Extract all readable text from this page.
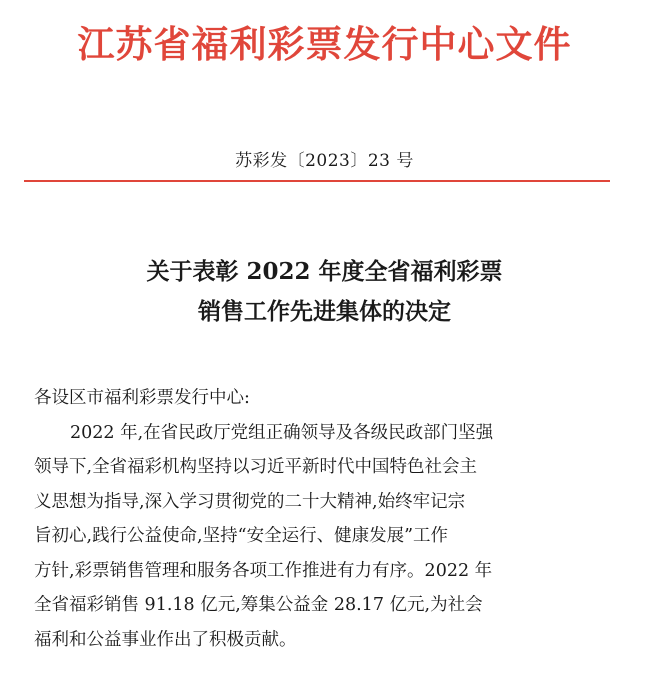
江苏省福利彩票发行中心文件
苏彩发〔2023〕23 号
关于表彰 2022 年度全省福利彩票
销售工作先进集体的决定
各设区市福利彩票发行中心:
2022 年,在省民政厅党组正确领导及各级民政部门坚强
领导下,全省福彩机构坚持以习近平新时代中国特色社会主
义思想为指导,深入学习贯彻党的二十大精神,始终牢记宗
旨初心,践行公益使命,坚持“安全运行、健康发展”工作
方针,彩票销售管理和服务各项工作推进有力有序。2022 年
全省福彩销售 91.18 亿元,筹集公益金 28.17 亿元,为社会
福利和公益事业作出了积极贡献。
